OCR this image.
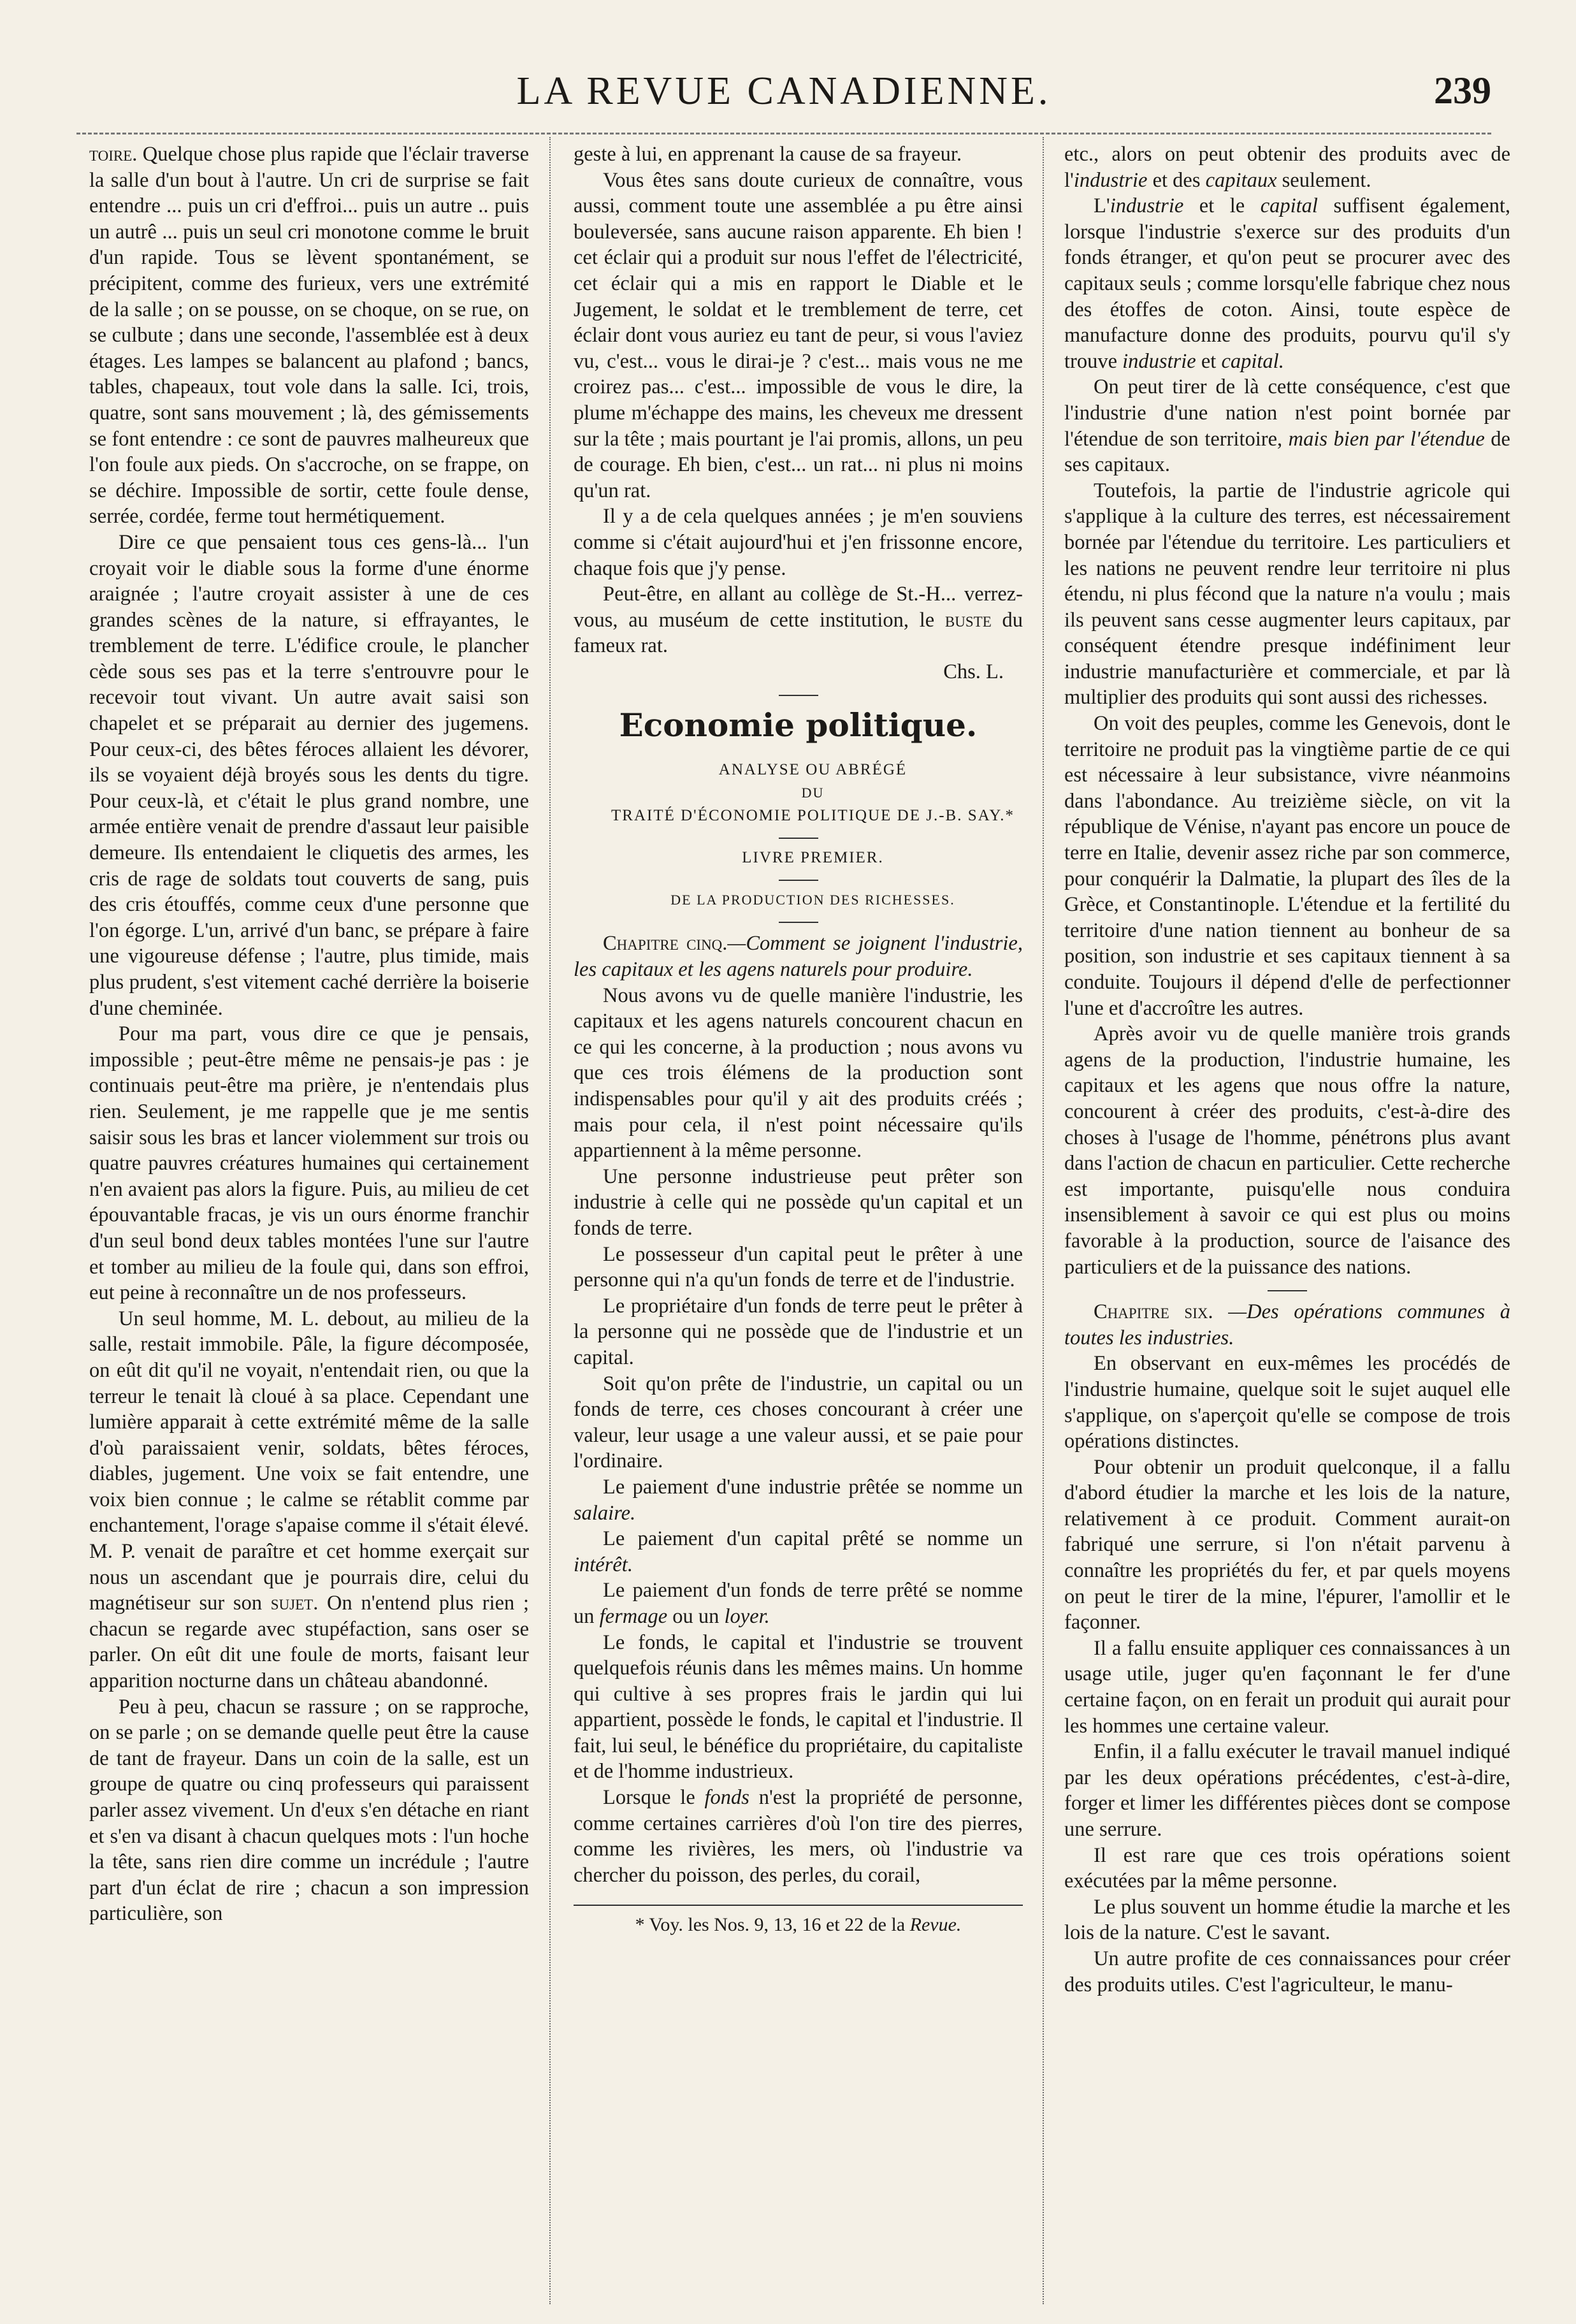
LA REVUE CANADIENNE.	239

toire. Quelque chose plus rapide que l'éclair traverse la salle d'un bout à l'autre. Un cri de surprise se fait entendre ... puis un cri d'effroi... puis un autre .. puis un autrê ... puis un seul cri monotone comme le bruit d'un rapide. Tous se lèvent spontanément, se précipitent, comme des furieux, vers une extrémité de la salle ; on se pousse, on se choque, on se rue, on se culbute ; dans une seconde, l'assemblée est à deux étages. Les lampes se balancent au plafond ; bancs, tables, chapeaux, tout vole dans la salle. Ici, trois, quatre, sont sans mouvement ; là, des gémissements se font entendre : ce sont de pauvres malheureux que l'on foule aux pieds. On s'accroche, on se frappe, on se déchire. Impossible de sortir, cette foule dense, serrée, cordée, ferme tout hermétiquement.

Dire ce que pensaient tous ces gens-là... l'un croyait voir le diable sous la forme d'une énorme araignée ; l'autre croyait assister à une de ces grandes scènes de la nature, si effrayantes, le tremblement de terre. L'édifice croule, le plancher cède sous ses pas et la terre s'entrouvre pour le recevoir tout vivant. Un autre avait saisi son chapelet et se préparait au dernier des jugemens. Pour ceux-ci, des bêtes féroces allaient les dévorer, ils se voyaient déjà broyés sous les dents du tigre. Pour ceux-là, et c'était le plus grand nombre, une armée entière venait de prendre d'assaut leur paisible demeure. Ils entendaient le cliquetis des armes, les cris de rage de soldats tout couverts de sang, puis des cris étouffés, comme ceux d'une personne que l'on égorge. L'un, arrivé d'un banc, se prépare à faire une vigoureuse défense ; l'autre, plus timide, mais plus prudent, s'est vitement caché derrière la boiserie d'une cheminée.

Pour ma part, vous dire ce que je pensais, impossible ; peut-être même ne pensais-je pas : je continuais peut-être ma prière, je n'entendais plus rien. Seulement, je me rappelle que je me sentis saisir sous les bras et lancer violemment sur trois ou quatre pauvres créatures humaines qui certainement n'en avaient pas alors la figure. Puis, au milieu de cet épouvantable fracas, je vis un ours énorme franchir d'un seul bond deux tables montées l'une sur l'autre et tomber au milieu de la foule qui, dans son effroi, eut peine à reconnaître un de nos professeurs.

Un seul homme, M. L. debout, au milieu de la salle, restait immobile. Pâle, la figure décomposée, on eût dit qu'il ne voyait, n'entendait rien, ou que la terreur le tenait là cloué à sa place. Cependant une lumière apparait à cette extrémité même de la salle d'où paraissaient venir, soldats, bêtes féroces, diables, jugement. Une voix se fait entendre, une voix bien connue ; le calme se rétablit comme par enchantement, l'orage s'apaise comme il s'était élevé. M. P. venait de paraître et cet homme exerçait sur nous un ascendant que je pourrais dire, celui du magnétiseur sur son sujet. On n'entend plus rien ; chacun se regarde avec stupéfaction, sans oser se parler. On eût dit une foule de morts, faisant leur apparition nocturne dans un château abandonné.

Peu à peu, chacun se rassure ; on se rapproche, on se parle ; on se demande quelle peut être la cause de tant de frayeur. Dans un coin de la salle, est un groupe de quatre ou cinq professeurs qui paraissent parler assez vivement. Un d'eux s'en détache en riant et s'en va disant à chacun quelques mots : l'un hoche la tête, sans rien dire comme un incrédule ; l'autre part d'un éclat de rire ; chacun a son impression particulière, son

geste à lui, en apprenant la cause de sa frayeur.

Vous êtes sans doute curieux de connaître, vous aussi, comment toute une assemblée a pu être ainsi bouleversée, sans aucune raison apparente. Eh bien ! cet éclair qui a produit sur nous l'effet de l'électricité, cet éclair qui a mis en rapport le Diable et le Jugement, le soldat et le tremblement de terre, cet éclair dont vous auriez eu tant de peur, si vous l'aviez vu, c'est... vous le dirai-je ? c'est... mais vous ne me croirez pas... c'est... impossible de vous le dire, la plume m'échappe des mains, les cheveux me dressent sur la tête ; mais pourtant je l'ai promis, allons, un peu de courage. Eh bien, c'est... un rat... ni plus ni moins qu'un rat.

Il y a de cela quelques années ; je m'en souviens comme si c'était aujourd'hui et j'en frissonne encore, chaque fois que j'y pense.

Peut-être, en allant au collège de St.-H... verrez-vous, au muséum de cette institution, le buste du fameux rat.

Chs. L.

Economie politique.

ANALYSE OU ABRÉGÉ

DU

TRAITÉ D'ÉCONOMIE POLITIQUE DE J.-B. SAY.*

LIVRE PREMIER.

DE LA PRODUCTION DES RICHESSES.

Chapitre cinq.—Comment se joignent l'industrie, les capitaux et les agens naturels pour produire.

Nous avons vu de quelle manière l'industrie, les capitaux et les agens naturels concourent chacun en ce qui les concerne, à la production ; nous avons vu que ces trois élémens de la production sont indispensables pour qu'il y ait des produits créés ; mais pour cela, il n'est point nécessaire qu'ils appartiennent à la même personne.

Une personne industrieuse peut prêter son industrie à celle qui ne possède qu'un capital et un fonds de terre.

Le possesseur d'un capital peut le prêter à une personne qui n'a qu'un fonds de terre et de l'industrie.

Le propriétaire d'un fonds de terre peut le prêter à la personne qui ne possède que de l'industrie et un capital.

Soit qu'on prête de l'industrie, un capital ou un fonds de terre, ces choses concourant à créer une valeur, leur usage a une valeur aussi, et se paie pour l'ordinaire.

Le paiement d'une industrie prêtée se nomme un salaire.

Le paiement d'un capital prêté se nomme un intérêt.

Le paiement d'un fonds de terre prêté se nomme un fermage ou un loyer.

Le fonds, le capital et l'industrie se trouvent quelquefois réunis dans les mêmes mains. Un homme qui cultive à ses propres frais le jardin qui lui appartient, possède le fonds, le capital et l'industrie. Il fait, lui seul, le bénéfice du propriétaire, du capitaliste et de l'homme industrieux.

Lorsque le fonds n'est la propriété de personne, comme certaines carrières d'où l'on tire des pierres, comme les rivières, les mers, où l'industrie va chercher du poisson, des perles, du corail,

* Voy. les Nos. 9, 13, 16 et 22 de la Revue.

etc., alors on peut obtenir des produits avec de l'industrie et des capitaux seulement.

L'industrie et le capital suffisent également, lorsque l'industrie s'exerce sur des produits d'un fonds étranger, et qu'on peut se procurer avec des capitaux seuls ; comme lorsqu'elle fabrique chez nous des étoffes de coton. Ainsi, toute espèce de manufacture donne des produits, pourvu qu'il s'y trouve industrie et capital.

On peut tirer de là cette conséquence, c'est que l'industrie d'une nation n'est point bornée par l'étendue de son territoire, mais bien par l'étendue de ses capitaux.

Toutefois, la partie de l'industrie agricole qui s'applique à la culture des terres, est nécessairement bornée par l'étendue du territoire. Les particuliers et les nations ne peuvent rendre leur territoire ni plus étendu, ni plus fécond que la nature n'a voulu ; mais ils peuvent sans cesse augmenter leurs capitaux, par conséquent étendre presque indéfiniment leur industrie manufacturière et commerciale, et par là multiplier des produits qui sont aussi des richesses.

On voit des peuples, comme les Genevois, dont le territoire ne produit pas la vingtième partie de ce qui est nécessaire à leur subsistance, vivre néanmoins dans l'abondance. Au treizième siècle, on vit la république de Vénise, n'ayant pas encore un pouce de terre en Italie, devenir assez riche par son commerce, pour conquérir la Dalmatie, la plupart des îles de la Grèce, et Constantinople. L'étendue et la fertilité du territoire d'une nation tiennent au bonheur de sa position, son industrie et ses capitaux tiennent à sa conduite. Toujours il dépend d'elle de perfectionner l'une et d'accroître les autres.

Après avoir vu de quelle manière trois grands agens de la production, l'industrie humaine, les capitaux et les agens que nous offre la nature, concourent à créer des produits, c'est-à-dire des choses à l'usage de l'homme, pénétrons plus avant dans l'action de chacun en particulier. Cette recherche est importante, puisqu'elle nous conduira insensiblement à savoir ce qui est plus ou moins favorable à la production, source de l'aisance des particuliers et de la puissance des nations.

Chapitre six. —Des opérations communes à toutes les industries.

En observant en eux-mêmes les procédés de l'industrie humaine, quelque soit le sujet auquel elle s'applique, on s'aperçoit qu'elle se compose de trois opérations distinctes.

Pour obtenir un produit quelconque, il a fallu d'abord étudier la marche et les lois de la nature, relativement à ce produit. Comment aurait-on fabriqué une serrure, si l'on n'était parvenu à connaître les propriétés du fer, et par quels moyens on peut le tirer de la mine, l'épurer, l'amollir et le façonner.

Il a fallu ensuite appliquer ces connaissances à un usage utile, juger qu'en façonnant le fer d'une certaine façon, on en ferait un produit qui aurait pour les hommes une certaine valeur.

Enfin, il a fallu exécuter le travail manuel indiqué par les deux opérations précédentes, c'est-à-dire, forger et limer les différentes pièces dont se compose une serrure.

Il est rare que ces trois opérations soient exécutées par la même personne.

Le plus souvent un homme étudie la marche et les lois de la nature. C'est le savant.

Un autre profite de ces connaissances pour créer des produits utiles. C'est l'agriculteur, le manu-
